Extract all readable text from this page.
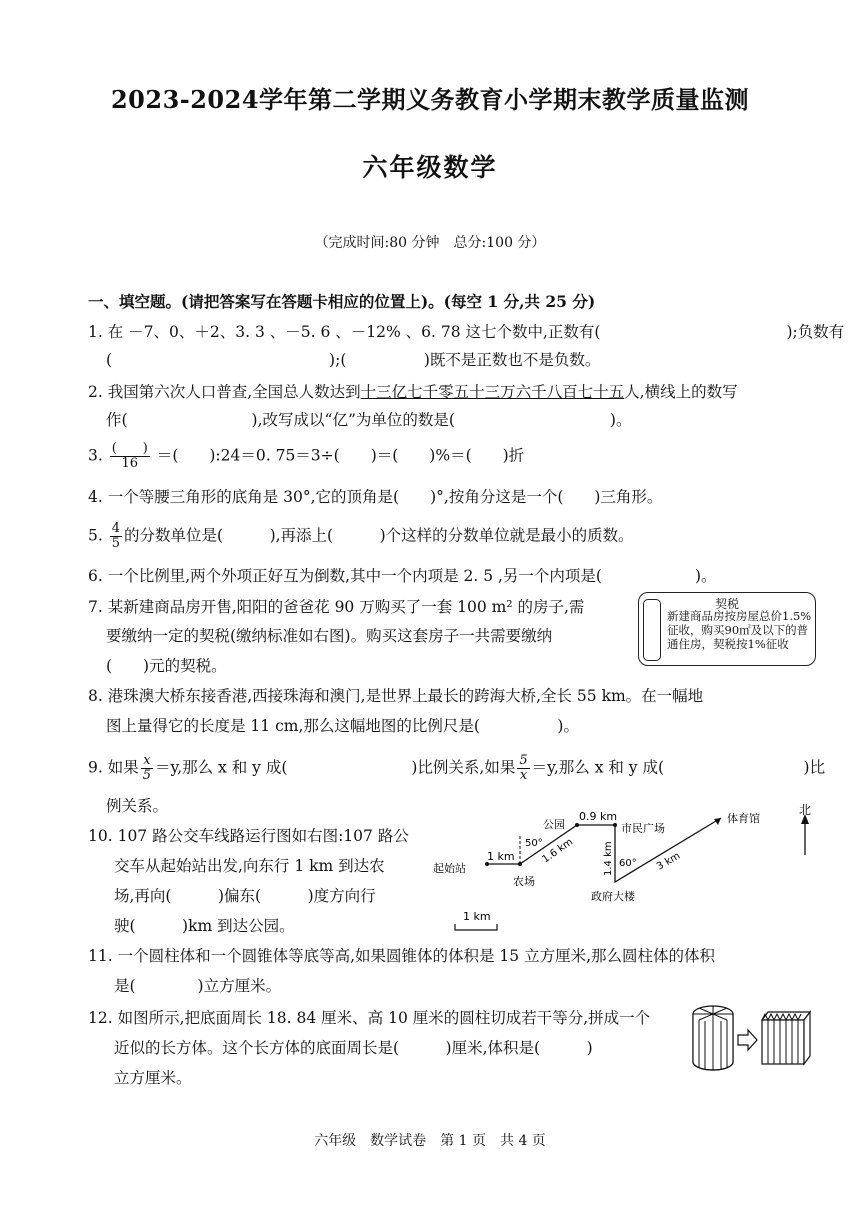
2023-2024学年第二学期义务教育小学期末教学质量监测
六年级数学
（完成时间:80 分钟　总分:100 分）
一、填空题。(请把答案写在答题卡相应的位置上)。(每空 1 分,共 25 分)
1. 在 －7、0、＋2、3. 3 、－5. 6 、－12% 、6. 78 这七个数中,正数有(　　　　　　　　　　　　);负数有
(　　　　　　　　　　　　　　);(　　　　　)既不是正数也不是负数。
2. 我国第六次人口普查,全国总人数达到十三亿七千零五十三万六千八百七十五人,横线上的数写
作(　　　　　　　　),改写成以“亿”为单位的数是(　　　　　　　　　　)。
3. $\frac{( )}{16}$ ＝(　　):24＝0. 75＝3÷(　　)＝(　　)%＝(　　)折
4. 一个等腰三角形的底角是 30°,它的顶角是(　　)°,按角分这是一个(　　)三角形。
5. $\frac{4}{5}$ 的分数单位是(　　　),再添上(　　　)个这样的分数单位就是最小的质数。
6. 一个比例里,两个外项正好互为倒数,其中一个内项是 2. 5 ,另一个内项是(　　　　　　)。
7. 某新建商品房开售,阳阳的爸爸花 90 万购买了一套 100 m² 的房子,需
要缴纳一定的契税(缴纳标准如右图)。购买这套房子一共需要缴纳
(　　)元的契税。
契税
新建商品房按房屋总价1.5%征收，购买90㎡及以下的普通住房，契税按1%征收
8. 港珠澳大桥东接香港,西接珠海和澳门,是世界上最长的跨海大桥,全长 55 km。在一幅地
图上量得它的长度是 11 cm,那么这幅地图的比例尺是(　　　　　)。
9. 如果 $\frac{x}{5} =y$,那么 x 和 y 成(　　　　　　　　)比例关系,如果 $\frac{5}{x} =y$,那么 x 和 y 成(　　　　　　　　　)比
例关系。
10. 107 路公交车线路运行图如右图:107 路公
交车从起始站出发,向东行 1 km 到达农
场,再向(　　　)偏东(　　　)度方向行
驶(　　　)km 到达公园。
北
起始站
1 km
农场
50°
1.6 km
公园
0.9 km
市民广场
1.4 km 60° 3 km
政府大楼
体育馆
1 km
11. 一个圆柱体和一个圆锥体等底等高,如果圆锥体的体积是 15 立方厘米,那么圆柱体的体积
是(　　　　)立方厘米。
12. 如图所示,把底面周长 18. 84 厘米、高 10 厘米的圆柱切成若干等分,拼成一个
近似的长方体。这个长方体的底面周长是(　　　)厘米,体积是(　　　)
立方厘米。
六年级　数学试卷　第 1 页　共 4 页
